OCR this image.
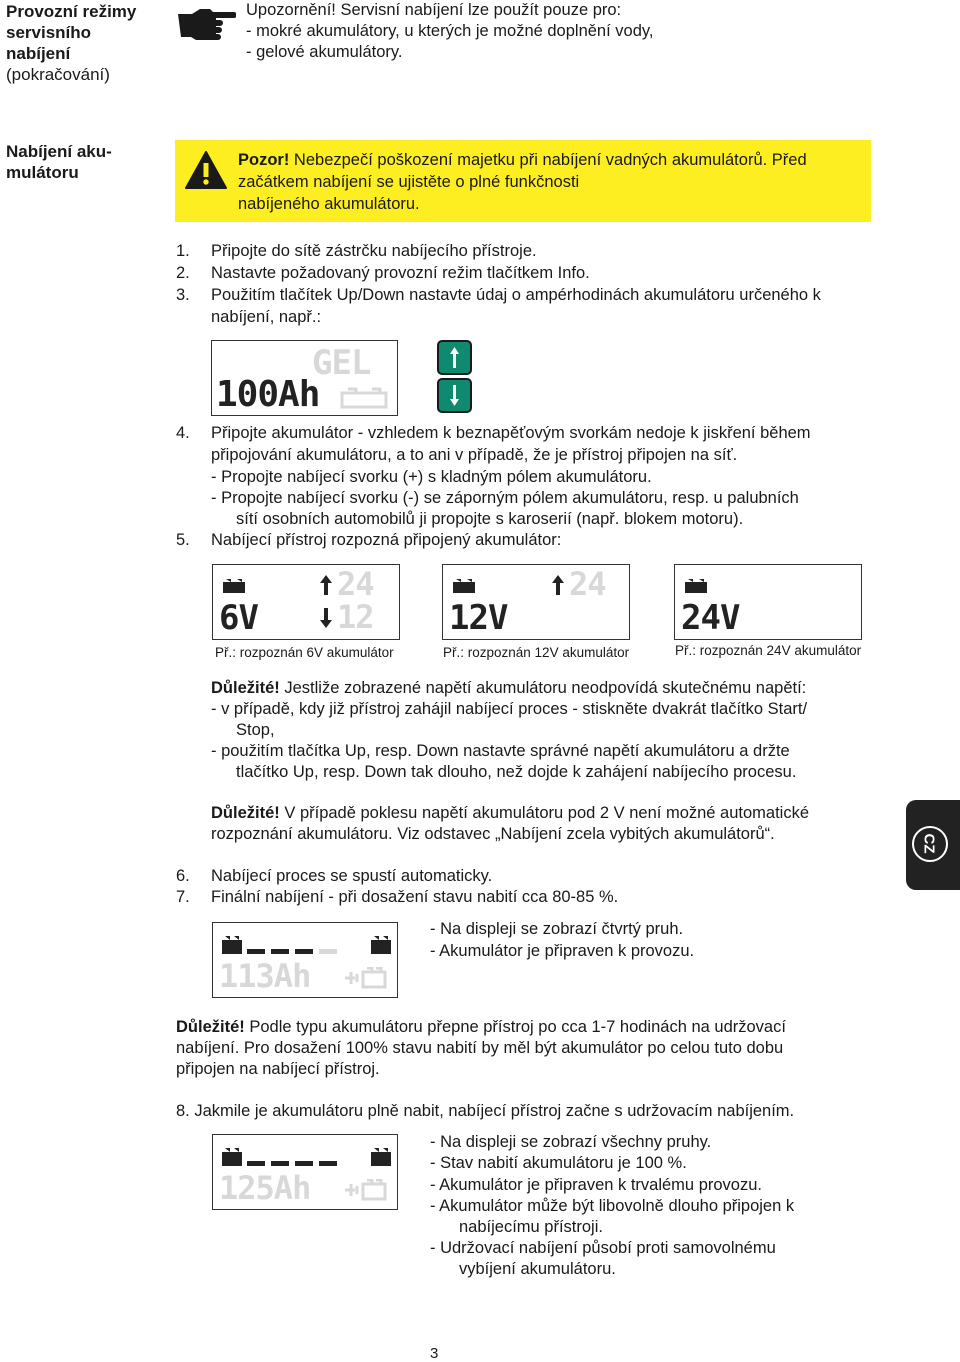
Provozní režimy
servisního
nabíjení
(pokračování)
Nabíjení aku-
mulátoru
Upozornění! Servisní nabíjení lze použít pouze pro:
- mokré akumulátory, u kterých je možné doplnění vody,
- gelové akumulátory.
Pozor! Nebezpečí poškození majetku při nabíjení vadných akumulátorů. Před
začátkem nabíjení se ujistěte o plné funkčnosti
nabíjeného akumulátoru.
1. Připojte do sítě zástrčku nabíjecího přístroje.
2. Nastavte požadovaný provozní režim tlačítkem Info.
3. Použitím tlačítek Up/Down nastavte údaj o ampérhodinách akumulátoru určeného k
nabíjení, např.:
GEL
100Ah
4. Připojte akumulátor - vzhledem k beznapěťovým svorkám nedoje k jiskření během
připojování akumulátoru, a to ani v případě, že je přístroj připojen na síť.
- Propojte nabíjecí svorku (+) s kladným pólem akumulátoru.
- Propojte nabíjecí svorku (-) se záporným pólem akumulátoru, resp. u palubních
sítí osobních automobilů ji propojte s karoserií (např. blokem motoru).
5. Nabíjecí přístroj rozpozná připojený akumulátor:
24
6V 12
Př.: rozpoznán 6V akumulátor
24
12V
Př.: rozpoznán 12V akumulátor
24V
Př.: rozpoznán 24V akumulátor
Důležité! Jestliže zobrazené napětí akumulátoru neodpovídá skutečnému napětí:
- v případě, kdy již přístroj zahájil nabíjecí proces - stiskněte dvakrát tlačítko Start/
Stop,
- použitím tlačítka Up, resp. Down nastavte správné napětí akumulátoru a držte
tlačítko Up, resp. Down tak dlouho, než dojde k zahájení nabíjecího procesu.
Důležité! V případě poklesu napětí akumulátoru pod 2 V není možné automatické
rozpoznání akumulátoru. Viz odstavec „Nabíjení zcela vybitých akumulátorů“.	CZ
6. Nabíjecí proces se spustí automaticky.
7. Finální nabíjení - při dosažení stavu nabití cca 80-85 %.
113Ah
- Na displeji se zobrazí čtvrtý pruh.
- Akumulátor je připraven k provozu.
Důležité! Podle typu akumulátoru přepne přístroj po cca 1-7 hodinách na udržovací
nabíjení. Pro dosažení 100% stavu nabití by měl být akumulátor po celou tuto dobu
připojen na nabíjecí přístroj.
8. Jakmile je akumulátoru plně nabit, nabíjecí přístroj začne s udržovacím nabíjením.
125Ah
- Na displeji se zobrazí všechny pruhy.
- Stav nabití akumulátoru je 100 %.
- Akumulátor je připraven k trvalému provozu.
- Akumulátor může být libovolně dlouho připojen k
nabíjecímu přístroji.
- Udržovací nabíjení působí proti samovolnému
vybíjení akumulátoru.
3
